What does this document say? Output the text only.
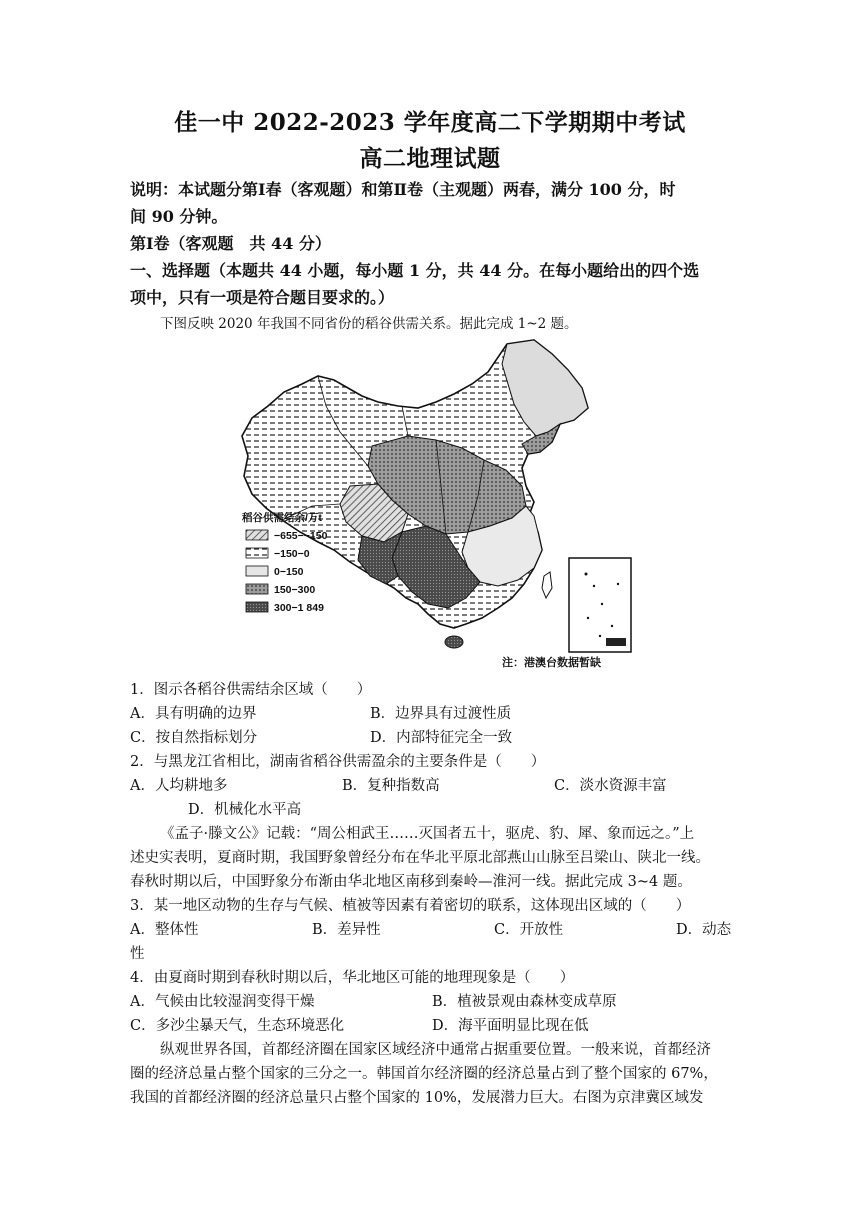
佳一中 2022-2023 学年度高二下学期期中考试
高二地理试题
说明：本试题分第Ⅰ春（客观题）和第Ⅱ卷（主观题）两春，满分 100 分，时
间 90 分钟。
第Ⅰ卷（客观题　共 44 分）
一、选择题（本题共 44 小题，每小题 1 分，共 44 分。在每小题给出的四个选
项中，只有一项是符合题目要求的。）
下图反映 2020 年我国不同省份的稻谷供需关系。据此完成 1~2 题。
稻谷供需结余/万t
−655−−150
−150−0
0−150
150−300
300−1 849
注：港澳台数据暂缺
1．图示各稻谷供需结余区域（　　）
A．具有明确的边界	B．边界具有过渡性质
C．按自然指标划分	D．内部特征完全一致
2．与黑龙江省相比，湖南省稻谷供需盈余的主要条件是（　　）
A．人均耕地多	B．复种指数高	C．淡水资源丰富
D．机械化水平高
《孟子·滕文公》记载：“周公相武王……灭国者五十，驱虎、豹、犀、象而远之。”上
述史实表明，夏商时期，我国野象曾经分布在华北平原北部燕山山脉至吕梁山、陕北一线。
春秋时期以后，中国野象分布渐由华北地区南移到秦岭—淮河一线。据此完成 3~4 题。
3．某一地区动物的生存与气候、植被等因素有着密切的联系，这体现出区域的（　　）
A．整体性	B．差异性	C．开放性	D．动态
性
4．由夏商时期到春秋时期以后，华北地区可能的地理现象是（　　）
A．气候由比较湿润变得干燥	B．植被景观由森林变成草原
C．多沙尘暴天气，生态环境恶化	D．海平面明显比现在低
纵观世界各国，首都经济圈在国家区域经济中通常占据重要位置。一般来说，首都经济
圈的经济总量占整个国家的三分之一。韩国首尔经济圈的经济总量占到了整个国家的 67%，
我国的首都经济圈的经济总量只占整个国家的 10%，发展潜力巨大。右图为京津冀区域发
